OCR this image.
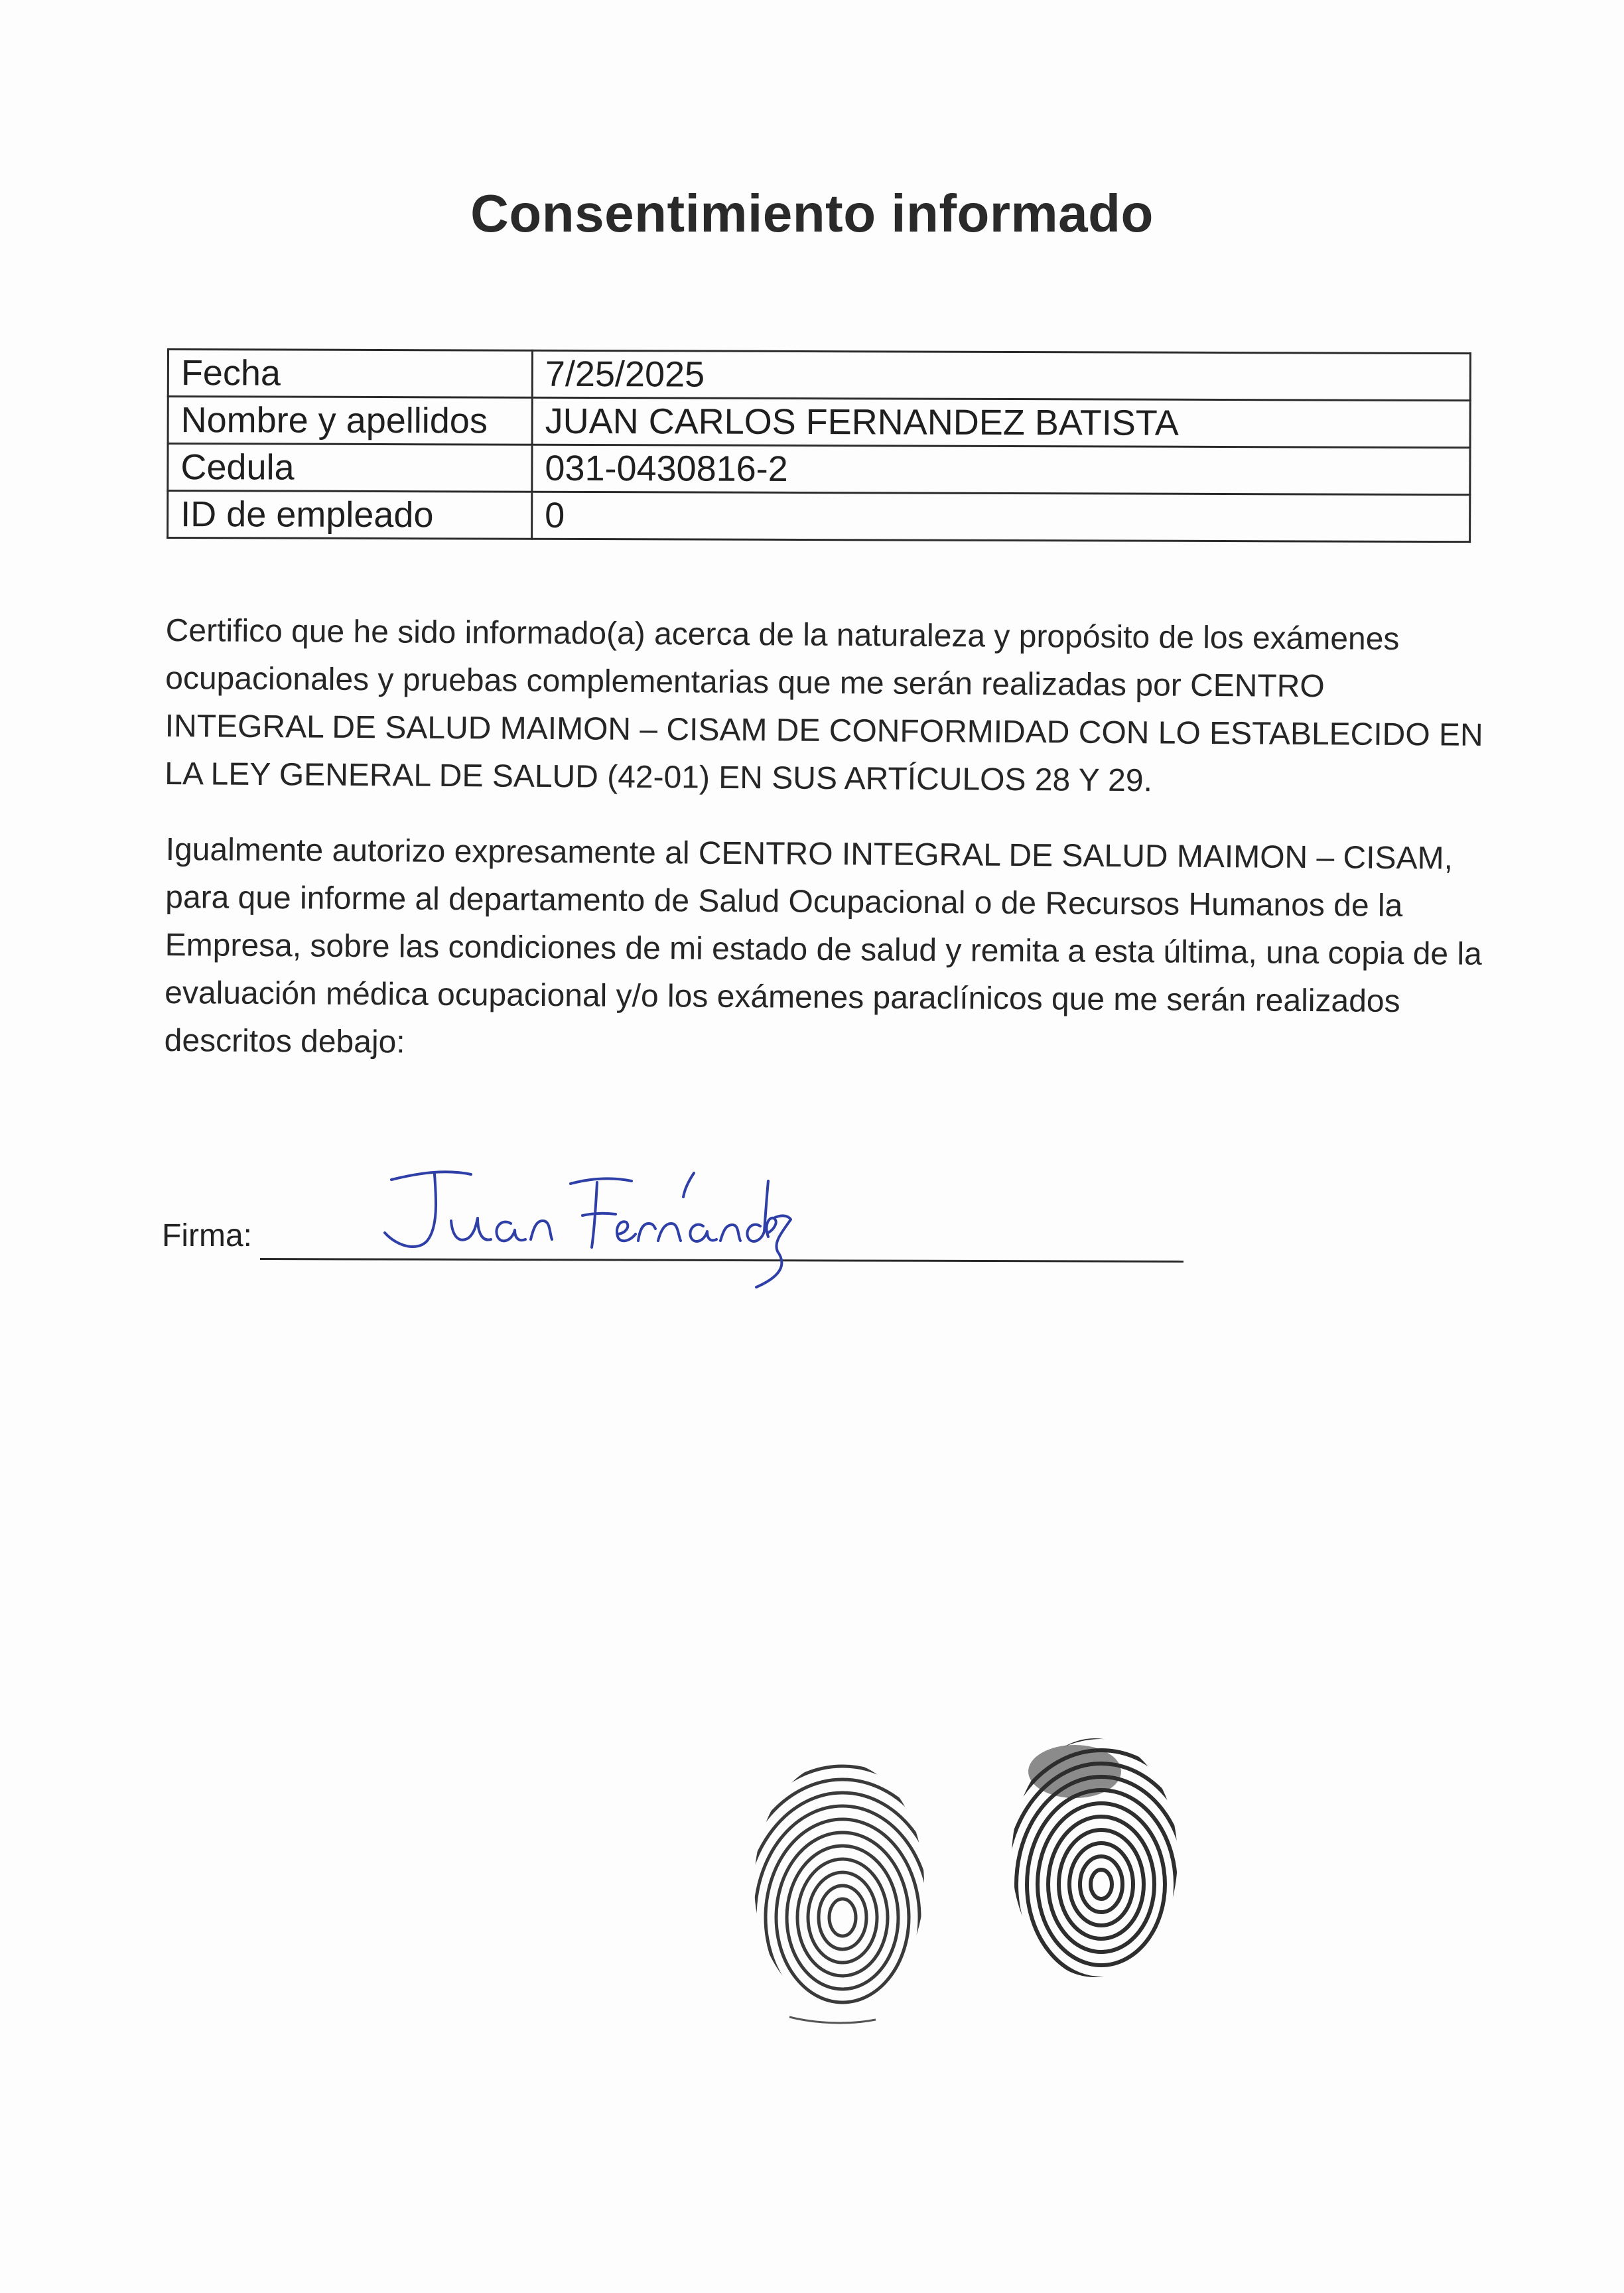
Consentimiento informado
Fecha	7/25/2025
Nombre y apellidos	JUAN CARLOS FERNANDEZ BATISTA
Cedula	031-0430816-2
ID de empleado	0
Certifico que he sido informado(a) acerca de la naturaleza y propósito de los exámenes ocupacionales y pruebas complementarias que me serán realizadas por CENTRO INTEGRAL DE SALUD MAIMON – CISAM DE CONFORMIDAD CON LO ESTABLECIDO EN LA LEY GENERAL DE SALUD (42-01) EN SUS ARTÍCULOS 28 Y 29.
Igualmente autorizo expresamente al CENTRO INTEGRAL DE SALUD MAIMON – CISAM, para que informe al departamento de Salud Ocupacional o de Recursos Humanos de la Empresa, sobre las condiciones de mi estado de salud y remita a esta última, una copia de la evaluación médica ocupacional y/o los exámenes paraclínicos que me serán realizados descritos debajo:
Firma:
